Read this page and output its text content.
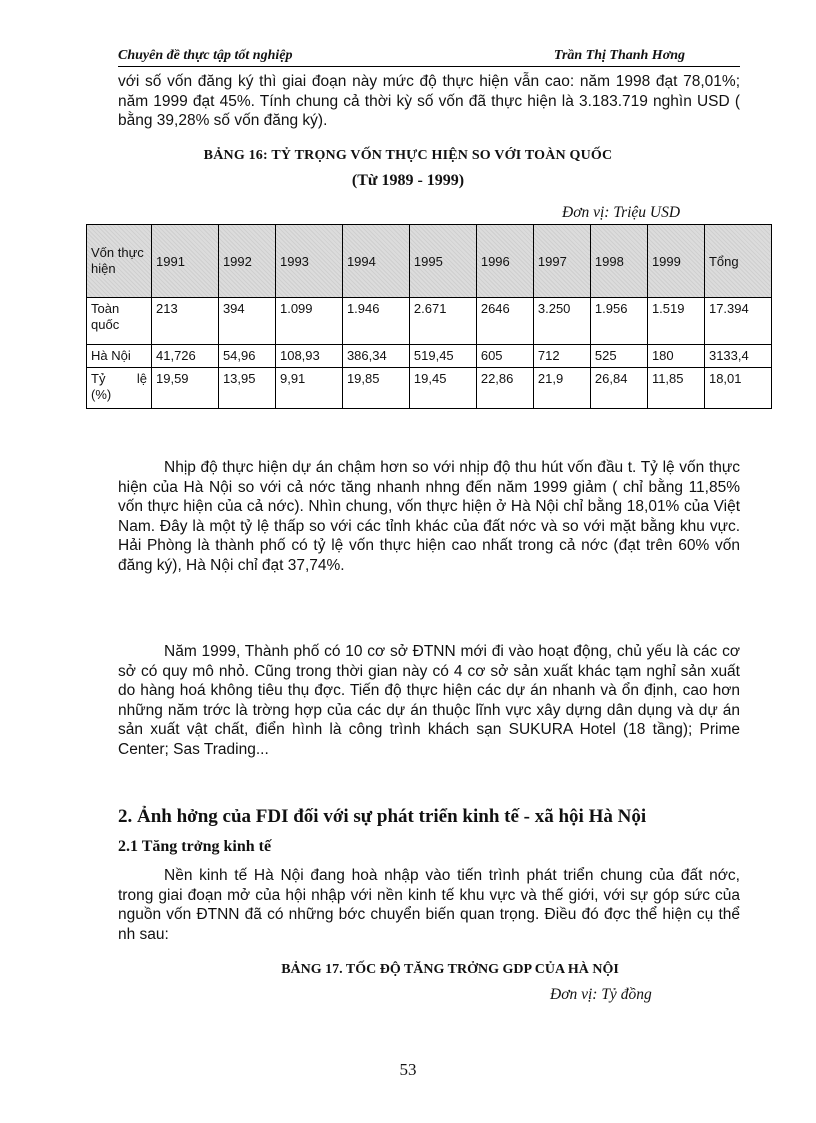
Chuyên đề thực tập tốt nghiệp	Trần Thị Thanh Hơng
với số vốn đăng ký thì giai đoạn này mức độ thực hiện vẫn cao: năm 1998 đạt 78,01%; năm 1999 đạt 45%. Tính chung cả thời kỳ số vốn đã thực hiện là 3.183.719 nghìn USD ( bằng 39,28% số vốn đăng ký).
BẢNG 16: TỶ TRỌNG VỐN THỰC HIỆN SO VỚI TOÀN QUỐC
(Từ 1989 - 1999)
Đơn vị: Triệu USD
Vốn thực hiện	1991	1992	1993	1994	1995	1996	1997	1998	1999	Tổng
Toàn quốc	213	394	1.099	1.946	2.671	2646	3.250	1.956	1.519	17.394
Hà Nội	41,726	54,96	108,93	386,34	519,45	605	712	525	180	3133,4

Tỷ lệ
(%)	19,59	13,95	9,91	19,85	19,45	22,86	21,9	26,84	11,85	18,01
Nhịp độ thực hiện dự án chậm hơn so với nhịp độ thu hút vốn đầu t. Tỷ lệ vốn thực hiện của Hà Nội so với cả nớc tăng nhanh nhng đến năm 1999 giảm ( chỉ bằng 11,85% vốn thực hiện của cả nớc). Nhìn chung, vốn thực hiện ở Hà Nội chỉ bằng 18,01% của Việt Nam. Đây là một tỷ lệ thấp so với các tỉnh khác của đất nớc và so với mặt bằng khu vực. Hải Phòng là thành phố có tỷ lệ vốn thực hiện cao nhất trong cả nớc (đạt trên 60% vốn đăng ký), Hà Nội chỉ đạt 37,74%.
Năm 1999, Thành phố có 10 cơ sở ĐTNN mới đi vào hoạt động, chủ yếu là các cơ sở có quy mô nhỏ. Cũng trong thời gian này có 4 cơ sở sản xuất khác tạm nghỉ sản xuất do hàng hoá không tiêu thụ đợc. Tiến độ thực hiện các dự án nhanh và ổn định, cao hơn những năm trớc là trờng hợp của các dự án thuộc lĩnh vực xây dựng dân dụng và dự án sản xuất vật chất, điển hình là công trình khách sạn SUKURA Hotel (18 tầng); Prime Center; Sas Trading...
2. Ảnh hởng của FDI đối với sự phát triển kinh tế - xã hội Hà Nội
2.1 Tăng trởng kinh tế
Nền kinh tế Hà Nội đang hoà nhập vào tiến trình phát triển chung của đất nớc, trong giai đoạn mở của hội nhập với nền kinh tế khu vực và thế giới, với sự góp sức của nguồn vốn ĐTNN đã có những bớc chuyển biến quan trọng. Điều đó đợc thể hiện cụ thể nh sau:
BẢNG 17. TỐC ĐỘ TĂNG TRỞNG GDP CỦA HÀ NỘI
Đơn vị: Tỷ đồng
53
